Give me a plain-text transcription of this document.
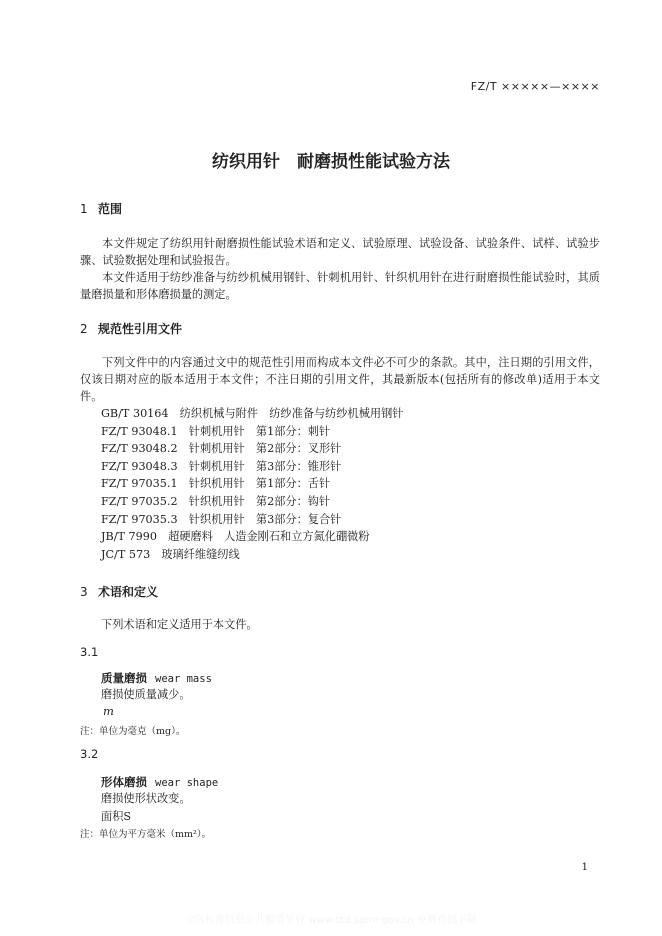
FZ/T ×××××—××××
纺织用针　耐磨损性能试验方法
1 范围

本文件规定了纺织用针耐磨损性能试验术语和定义、试验原理、试验设备、试验条件、试样、试验步骤、试验数据处理和试验报告。

本文件适用于纺纱准备与纺纱机械用钢针、针刺机用针、针织机用针在进行耐磨损性能试验时，其质量磨损量和形体磨损量的测定。

2 规范性引用文件

下列文件中的内容通过文中的规范性引用而构成本文件必不可少的条款。其中，注日期的引用文件，仅该日期对应的版本适用于本文件；不注日期的引用文件，其最新版本(包括所有的修改单)适用于本文件。

GB/T 30164　纺织机械与附件　纺纱准备与纺纱机械用钢针
FZ/T 93048.1　针刺机用针　第1部分：刺针
FZ/T 93048.2　针刺机用针　第2部分：叉形针
FZ/T 93048.3　针刺机用针　第3部分：锥形针
FZ/T 97035.1　针织机用针　第1部分：舌针
FZ/T 97035.2　针织机用针　第2部分：钩针
FZ/T 97035.3　针织机用针　第3部分：复合针
JB/T 7990　超硬磨料　人造金刚石和立方氮化硼微粉
JC/T 573　玻璃纤维缝纫线
3 术语和定义
下列术语和定义适用于本文件。
3.1
质量磨损 wear mass
磨损使质量减少。
m
注：单位为毫克（mg）。
3.2
形体磨损 wear shape
磨损使形状改变。
面积S
注：单位为平方毫米（mm²）。
1
全国标准信息公共服务平台 www.std.samr.gov.cn 免费查阅下载
